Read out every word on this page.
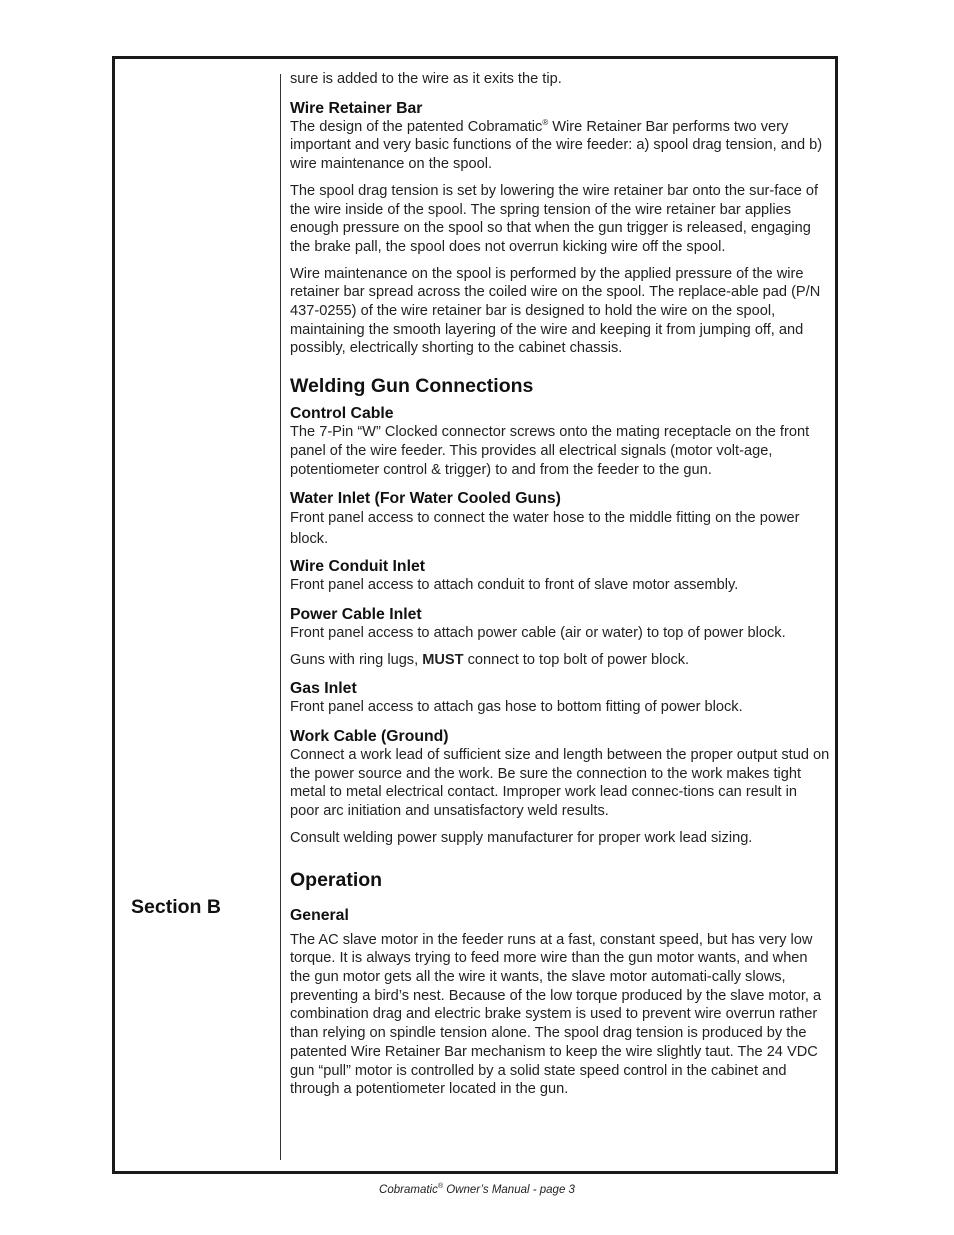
Section B

sure is added to the wire as it exits the tip.

Wire Retainer Bar

The design of the patented Cobramatic® Wire Retainer Bar performs two very important and very basic functions of the wire feeder: a) spool drag tension, and b) wire maintenance on the spool.

The spool drag tension is set by lowering the wire retainer bar onto the sur-face of the wire inside of the spool. The spring tension of the wire retainer bar applies enough pressure on the spool so that when the gun trigger is released, engaging the brake pall, the spool does not overrun kicking wire off the spool.

Wire maintenance on the spool is performed by the applied pressure of the wire retainer bar spread across the coiled wire on the spool. The replace-able pad (P/N 437-0255) of the wire retainer bar is designed to hold the wire on the spool, maintaining the smooth layering of the wire and keeping it from jumping off, and possibly, electrically shorting to the cabinet chassis.

Welding Gun Connections
Control Cable

The 7-Pin “W” Clocked connector screws onto the mating receptacle on the front panel of the wire feeder. This provides all electrical signals (motor volt-age, potentiometer control & trigger) to and from the feeder to the gun.

Water Inlet (For Water Cooled Guns)

Front panel access to connect the water hose to the middle fitting on the power block.

Wire Conduit Inlet

Front panel access to attach conduit to front of slave motor assembly.

Power Cable Inlet

Front panel access to attach power cable (air or water) to top of power block.

Guns with ring lugs, MUST connect to top bolt of power block.

Gas Inlet

Front panel access to attach gas hose to bottom fitting of power block.

Work Cable (Ground)

Connect a work lead of sufficient size and length between the proper output stud on the power source and the work. Be sure the connection to the work makes tight metal to metal electrical contact. Improper work lead connec-tions can result in poor arc initiation and unsatisfactory weld results.

Consult welding power supply manufacturer for proper work lead sizing.

Operation
General

The AC slave motor in the feeder runs at a fast, constant speed, but has very low torque. It is always trying to feed more wire than the gun motor wants, and when the gun motor gets all the wire it wants, the slave motor automati-cally slows, preventing a bird’s nest. Because of the low torque produced by the slave motor, a combination drag and electric brake system is used to prevent wire overrun rather than relying on spindle tension alone. The spool drag tension is produced by the patented Wire Retainer Bar mechanism to keep the wire slightly taut. The 24 VDC gun “pull” motor is controlled by a solid state speed control in the cabinet and through a potentiometer located in the gun.

Cobramatic® Owner’s Manual - page 3
